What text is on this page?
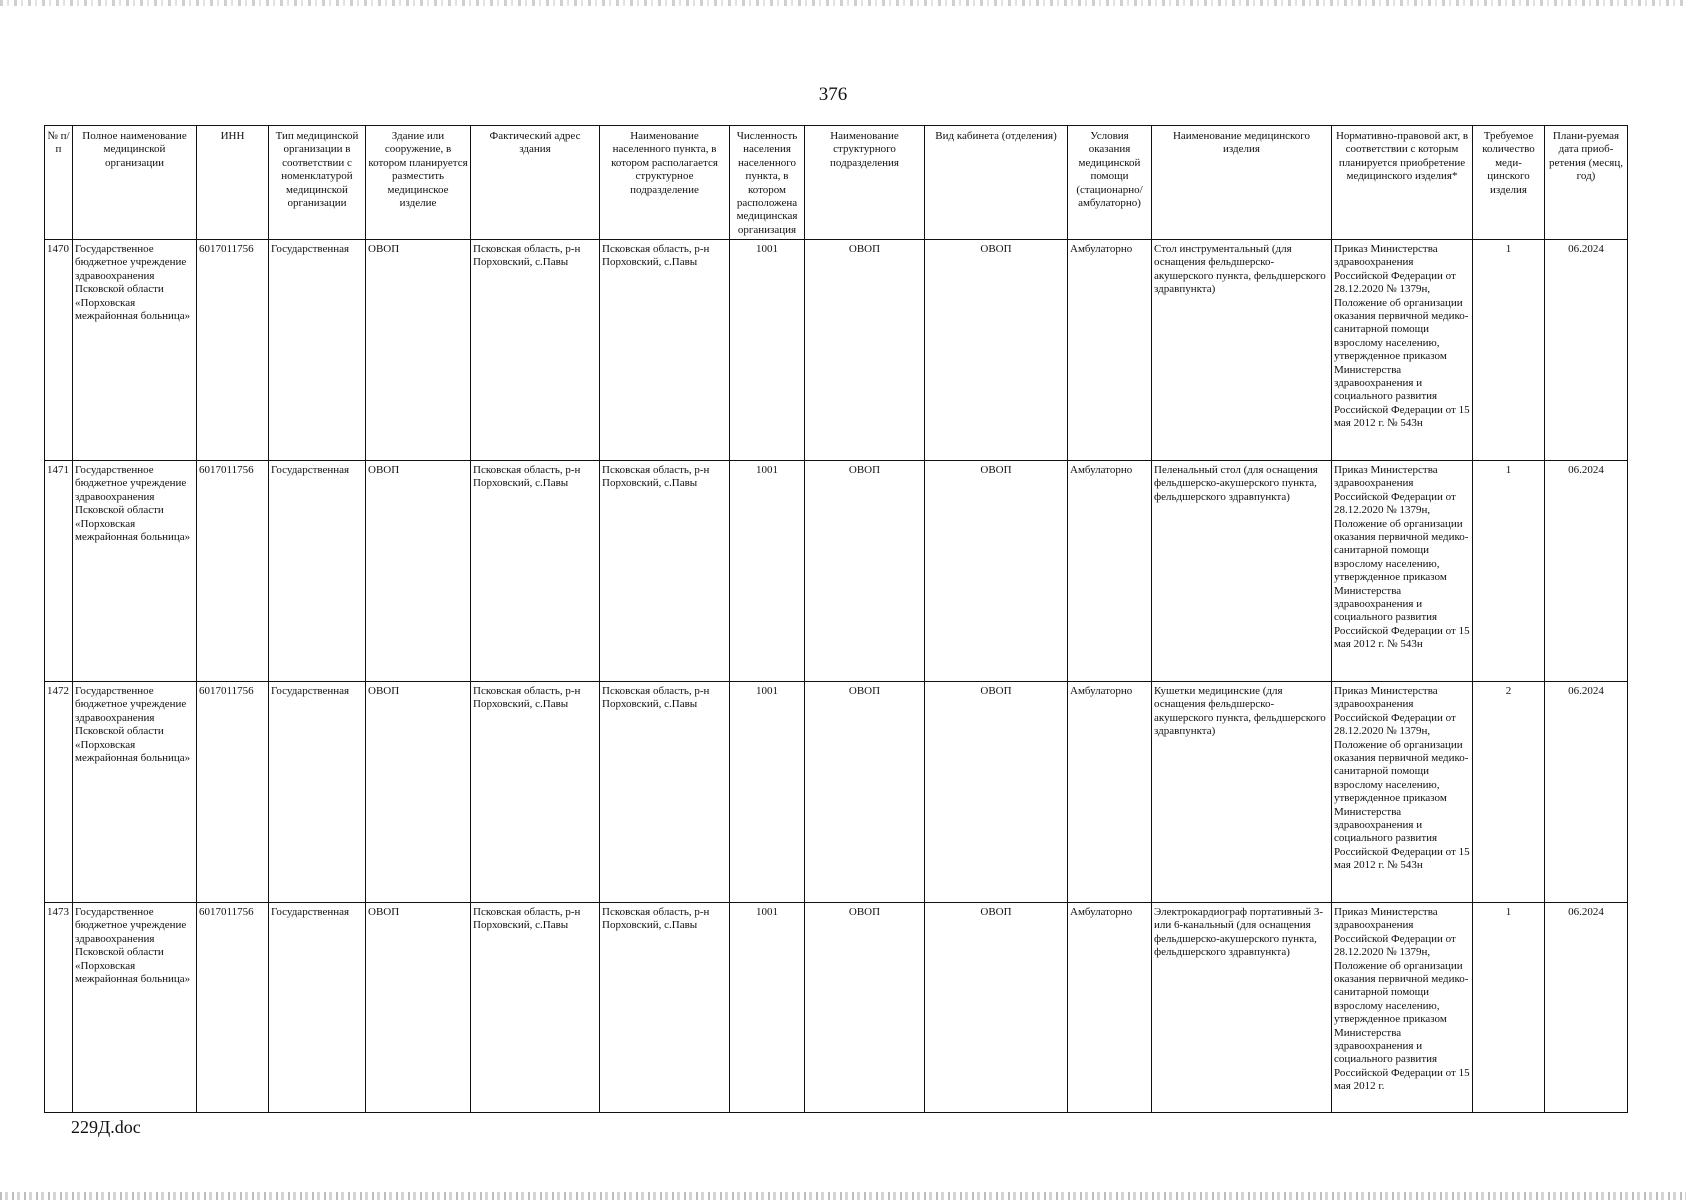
376
№ п/п	Полное наименование медицинской организации	ИНН	Тип медицинской организации в соответствии с номенклатурой медицинской организации	Здание или сооружение, в котором планируется разместить медицинское изделие	Фактический адрес здания	Наименование населенного пункта, в котором располагается структурное подразделение	Численность населения населенного пункта, в котором расположена медицинская организация	Наименование структурного подразделения	Вид кабинета (отделения)	Условия оказания медицинской помощи (стационарно/ амбулаторно)	Наименование медицинского изделия	Нормативно-правовой акт, в соответствии с которым планируется приобретение медицинского изделия*	Требуемое количество меди-цинского изделия	Плани-руемая дата приоб-ретения (месяц, год)
1470	Государственное бюджетное учреждение здравоохранения Псковской области «Порховская межрайонная больница»	6017011756	Государственная	ОВОП	Псковская область, р-н Порховский, с.Павы	Псковская область, р-н Порховский, с.Павы	1001	ОВОП	ОВОП	Амбулаторно	Стол инструментальный (для оснащения фельдшерско-акушерского пункта, фельдшерского здравпункта)	Приказ Министерства здравоохранения Российской Федерации от 28.12.2020 № 1379н, Положение об организации оказания первичной медико-санитарной помощи взрослому населению, утвержденное приказом Министерства здравоохранения и социального развития Российской Федерации от 15 мая 2012 г. № 543н	1	06.2024
1471	Государственное бюджетное учреждение здравоохранения Псковской области «Порховская межрайонная больница»	6017011756	Государственная	ОВОП	Псковская область, р-н Порховский, с.Павы	Псковская область, р-н Порховский, с.Павы	1001	ОВОП	ОВОП	Амбулаторно	Пеленальный стол (для оснащения фельдшерско-акушерского пункта, фельдшерского здравпункта)	Приказ Министерства здравоохранения Российской Федерации от 28.12.2020 № 1379н, Положение об организации оказания первичной медико-санитарной помощи взрослому населению, утвержденное приказом Министерства здравоохранения и социального развития Российской Федерации от 15 мая 2012 г. № 543н	1	06.2024
1472	Государственное бюджетное учреждение здравоохранения Псковской области «Порховская межрайонная больница»	6017011756	Государственная	ОВОП	Псковская область, р-н Порховский, с.Павы	Псковская область, р-н Порховский, с.Павы	1001	ОВОП	ОВОП	Амбулаторно	Кушетки медицинские (для оснащения фельдшерско-акушерского пункта, фельдшерского здравпункта)	Приказ Министерства здравоохранения Российской Федерации от 28.12.2020 № 1379н, Положение об организации оказания первичной медико-санитарной помощи взрослому населению, утвержденное приказом Министерства здравоохранения и социального развития Российской Федерации от 15 мая 2012 г. № 543н	2	06.2024
1473	Государственное бюджетное учреждение здравоохранения Псковской области «Порховская межрайонная больница»	6017011756	Государственная	ОВОП	Псковская область, р-н Порховский, с.Павы	Псковская область, р-н Порховский, с.Павы	1001	ОВОП	ОВОП	Амбулаторно	Электрокардиограф портативный 3- или 6-канальный (для оснащения фельдшерско-акушерского пункта, фельдшерского здравпункта)	Приказ Министерства здравоохранения Российской Федерации от 28.12.2020 № 1379н, Положение об организации оказания первичной медико-санитарной помощи взрослому населению, утвержденное приказом Министерства здравоохранения и социального развития Российской Федерации от 15 мая 2012 г.	1	06.2024
229Д.doc
